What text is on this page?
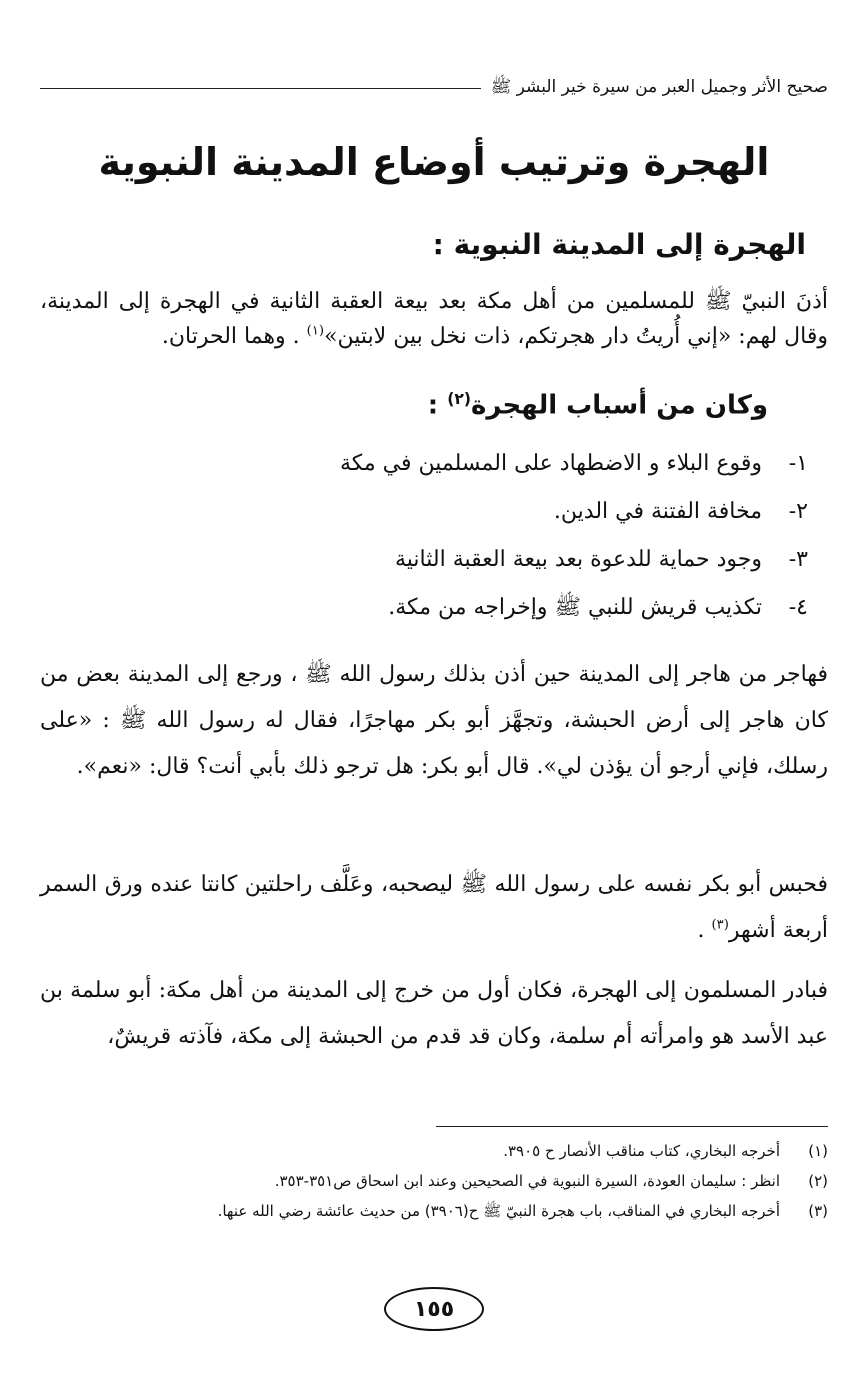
صحيح الأثر وجميل العبر من سيرة خير البشر ﷺ
الهجرة وترتيب أوضاع المدينة النبوية
الهجرة إلى المدينة النبوية :

أذنَ النبيّ ﷺ للمسلمين من أهل مكة بعد بيعة العقبة الثانية في الهجرة إلى المدينة، وقال لهم: «إني أُريتُ دار هجرتكم، ذات نخل بين لابتين»$^{(١)}$ . وهما الحرتان.

وكان من أسباب الهجرة$^{(٢)}$ :
١-وقوع البلاء و الاضطهاد على المسلمين في مكة
٢-مخافة الفتنة في الدين.
٣-وجود حماية للدعوة بعد بيعة العقبة الثانية
٤-تكذيب قريش للنبي ﷺ وإخراجه من مكة.

فهاجر من هاجر إلى المدينة حين أذن بذلك رسول الله ﷺ ، ورجع إلى المدينة بعض من كان هاجر إلى أرض الحبشة، وتجهَّز أبو بكر مهاجرًا، فقال له رسول الله ﷺ : «على رسلك، فإني أرجو أن يؤذن لي». قال أبو بكر: هل ترجو ذلك بأبي أنت؟ قال: «نعم».

فحبس أبو بكر نفسه على رسول الله ﷺ ليصحبه، وعَلَّف راحلتين كانتا عنده ورق السمر أربعة أشهر$^{(٣)}$ .

فبادر المسلمون إلى الهجرة، فكان أول من خرج إلى المدينة من أهل مكة: أبو سلمة بن عبد الأسد هو وامرأته أم سلمة، وكان قد قدم من الحبشة إلى مكة، فآذته قريشٌ،

(١)أخرجه البخاري، كتاب مناقب الأنصار ح ٣٩٠٥.
(٢)انظر : سليمان العودة، السيرة النبوية في الصحيحين وعند ابن اسحاق ص٣٥١-٣٥٣.
(٣)أخرجه البخاري في المناقب، باب هجرة النبيّ ﷺ ح(٣٩٠٦) من حديث عائشة رضي الله عنها.
١٥٥
